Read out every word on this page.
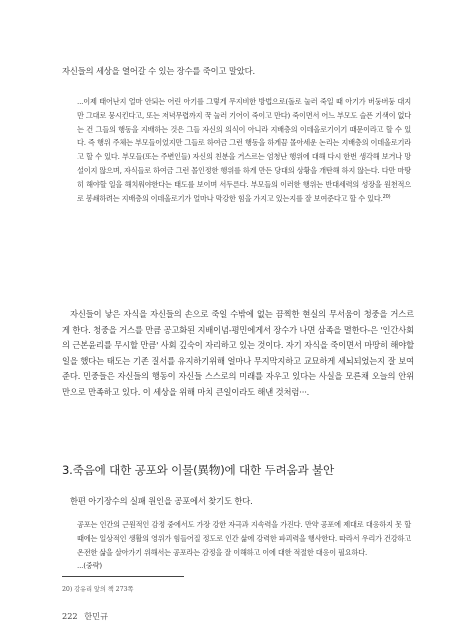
자신들의 세상을 열어갈 수 있는 장수를 죽이고 말았다.

...이제 태어난지 얼마 안되는 어린 아기를 그렇게 무지비한 방법으로(돌로 눌러 죽일 때 아기가 버둥버둥 대지만 그대로 뭉시킨다고, 또는 저녁무렵까지 꾹 눌러 기어이 죽이고 만다) 죽이면서 어느 부모도 슬픈 기색이 없다는 건 그들의 행동을 지배하는 것은 그들 자신의 의식이 아니라 지배층의 이데올로기이기 때문이라고 할 수 있다. 즉 행위 주체는 부모들이었지만 그들로 하여금 그런 행동을 하게끔 몰아세운 논리는 지배층의 이데올로기라고 할 수 있다. 부모들(또는 주변인들) 자신의 친분을 거스르는 엄청난 행위에 대해 다시 한번 생각해 보거나 망설이지 않으며, 자식들로 하여금 그런 몰인정한 행위를 하게 만든 당대의 상황을 개탄해 하지 않는다. 다만 마땅히 해야할 일을 해치워야한다는 태도를 보이며 서두른다. 부모들의 이러한 행위는 반대세력의 성장을 원천적으로 봉쇄하려는 지배층의 이데올로기가 얼마나 막강한 힘을 가지고 있는지를 잘 보여준다고 할 수 있다.$^{20)}$

자신들이 낳은 자식을 자신들의 손으로 죽일 수밖에 없는 끔찍한 현실의 무서움이 청중을 거스르게 한다. 청중을 거스를 만큼 공고화된 지배이념-평민에게서 장수가 나면 삼족을 멸한다-은 '인간사회의 근본윤리를 무시할 만큼' 사회 깊숙이 자리하고 있는 것이다. 자기 자식을 죽이면서 마땅히 해야할 일을 했다는 태도는 기존 질서를 유지하기위해 얼마나 무지막지하고 교묘하게 세뇌되었는지 잘 보여준다. 민중들은 자신들의 행동이 자신들 스스로의 미래를 자우고 있다는 사실을 모른채 오늘의 안위만으로 만족하고 있다. 이 세상을 위해 마치 큰일이라도 해낸 것처럼···.

3.죽음에 대한 공포와 이물(異物)에 대한 두려움과 불안

한편 아기장수의 실패 원인을 공포에서 찾기도 한다.

공포는 인간의 근원적인 감정 중에서도 가장 강한 자극과 지속력을 가진다. 만약 공포에 제대로 대응하지 못 할 때에는 일상적인 생활의 영위가 힘들어질 정도로 인간 삶에 강력한 파괴력을 행사한다. 따라서 우리가 건강하고 온전한 삶을 살아가기 위해서는 공포라는 감정을 잘 이해하고 이에 대한 적절한 대응이 필요하다.

...(중략)

20) 강유리 앞의 책 273쪽
222 한민규
